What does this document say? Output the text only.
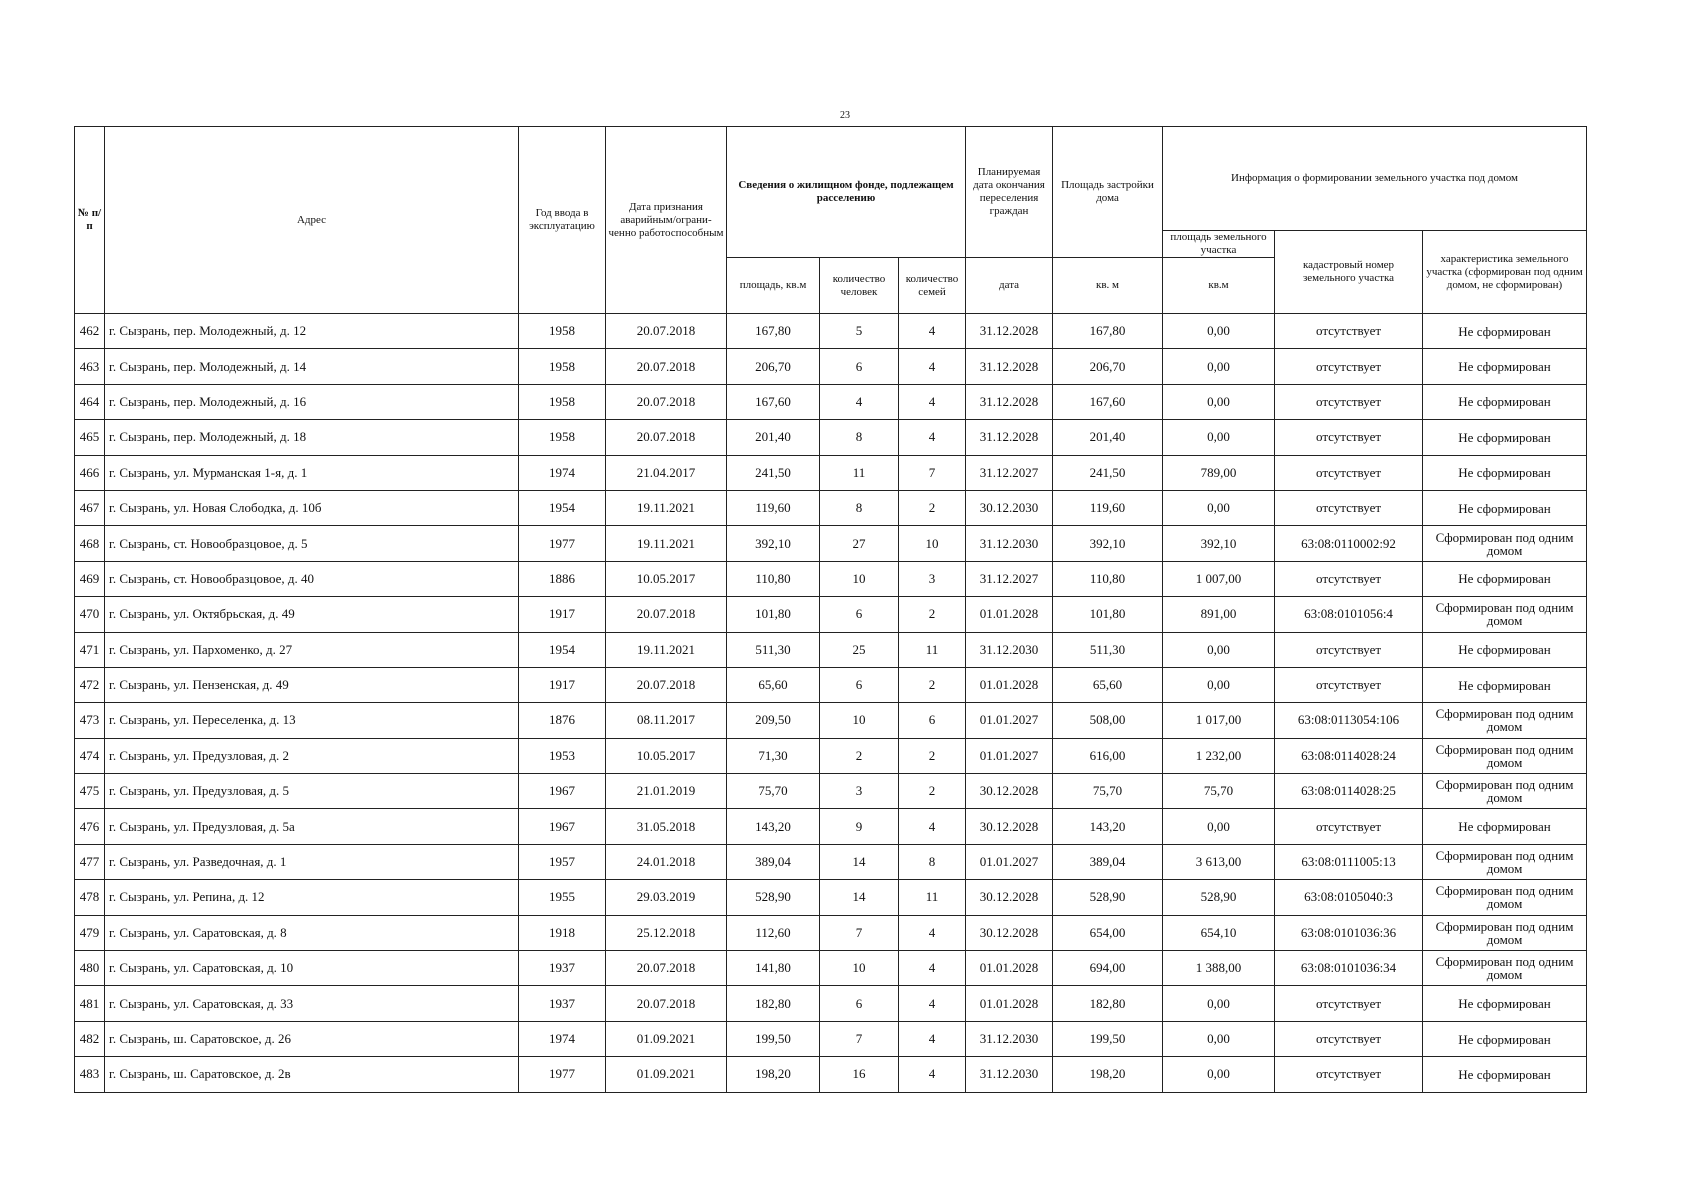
23
№ п/п	Адрес	Год ввода в эксплуатацию	Дата признания аварийным/ограни-ченно работоспособным	Сведения о жилищном фонде, подлежащем расселению			Планируемая дата окончания переселения граждан	Площадь застройки дома	Информация о формировании земельного участка под домом		
									площадь земельного участка	кадастровый номер земельного участка	характеристика земельного участка (сформирован под одним домом, не сформирован)
				площадь, кв.м	количество человек	количество семей	дата	кв. м	кв.м		
462	г. Сызрань, пер. Молодежный, д. 12	1958	20.07.2018	167,80	5	4	31.12.2028	167,80	0,00	отсутствует	Не сформирован
463	г. Сызрань, пер. Молодежный, д. 14	1958	20.07.2018	206,70	6	4	31.12.2028	206,70	0,00	отсутствует	Не сформирован
464	г. Сызрань, пер. Молодежный, д. 16	1958	20.07.2018	167,60	4	4	31.12.2028	167,60	0,00	отсутствует	Не сформирован
465	г. Сызрань, пер. Молодежный, д. 18	1958	20.07.2018	201,40	8	4	31.12.2028	201,40	0,00	отсутствует	Не сформирован
466	г. Сызрань, ул. Мурманская 1-я, д. 1	1974	21.04.2017	241,50	11	7	31.12.2027	241,50	789,00	отсутствует	Не сформирован
467	г. Сызрань, ул. Новая Слободка, д. 10б	1954	19.11.2021	119,60	8	2	30.12.2030	119,60	0,00	отсутствует	Не сформирован
468	г. Сызрань, ст. Новообразцовое, д. 5	1977	19.11.2021	392,10	27	10	31.12.2030	392,10	392,10	63:08:0110002:92	Сформирован под одним домом
469	г. Сызрань, ст. Новообразцовое, д. 40	1886	10.05.2017	110,80	10	3	31.12.2027	110,80	1 007,00	отсутствует	Не сформирован
470	г. Сызрань, ул. Октябрьская, д. 49	1917	20.07.2018	101,80	6	2	01.01.2028	101,80	891,00	63:08:0101056:4	Сформирован под одним домом
471	г. Сызрань, ул. Пархоменко, д. 27	1954	19.11.2021	511,30	25	11	31.12.2030	511,30	0,00	отсутствует	Не сформирован
472	г. Сызрань, ул. Пензенская, д. 49	1917	20.07.2018	65,60	6	2	01.01.2028	65,60	0,00	отсутствует	Не сформирован
473	г. Сызрань, ул. Переселенка, д. 13	1876	08.11.2017	209,50	10	6	01.01.2027	508,00	1 017,00	63:08:0113054:106	Сформирован под одним домом
474	г. Сызрань, ул. Предузловая, д. 2	1953	10.05.2017	71,30	2	2	01.01.2027	616,00	1 232,00	63:08:0114028:24	Сформирован под одним домом
475	г. Сызрань, ул. Предузловая, д. 5	1967	21.01.2019	75,70	3	2	30.12.2028	75,70	75,70	63:08:0114028:25	Сформирован под одним домом
476	г. Сызрань, ул. Предузловая, д. 5а	1967	31.05.2018	143,20	9	4	30.12.2028	143,20	0,00	отсутствует	Не сформирован
477	г. Сызрань, ул. Разведочная, д. 1	1957	24.01.2018	389,04	14	8	01.01.2027	389,04	3 613,00	63:08:0111005:13	Сформирован под одним домом
478	г. Сызрань, ул. Репина, д. 12	1955	29.03.2019	528,90	14	11	30.12.2028	528,90	528,90	63:08:0105040:3	Сформирован под одним домом
479	г. Сызрань, ул. Саратовская, д. 8	1918	25.12.2018	112,60	7	4	30.12.2028	654,00	654,10	63:08:0101036:36	Сформирован под одним домом
480	г. Сызрань, ул. Саратовская, д. 10	1937	20.07.2018	141,80	10	4	01.01.2028	694,00	1 388,00	63:08:0101036:34	Сформирован под одним домом
481	г. Сызрань, ул. Саратовская, д. 33	1937	20.07.2018	182,80	6	4	01.01.2028	182,80	0,00	отсутствует	Не сформирован
482	г. Сызрань, ш. Саратовское, д. 26	1974	01.09.2021	199,50	7	4	31.12.2030	199,50	0,00	отсутствует	Не сформирован
483	г. Сызрань, ш. Саратовское, д. 2в	1977	01.09.2021	198,20	16	4	31.12.2030	198,20	0,00	отсутствует	Не сформирован
